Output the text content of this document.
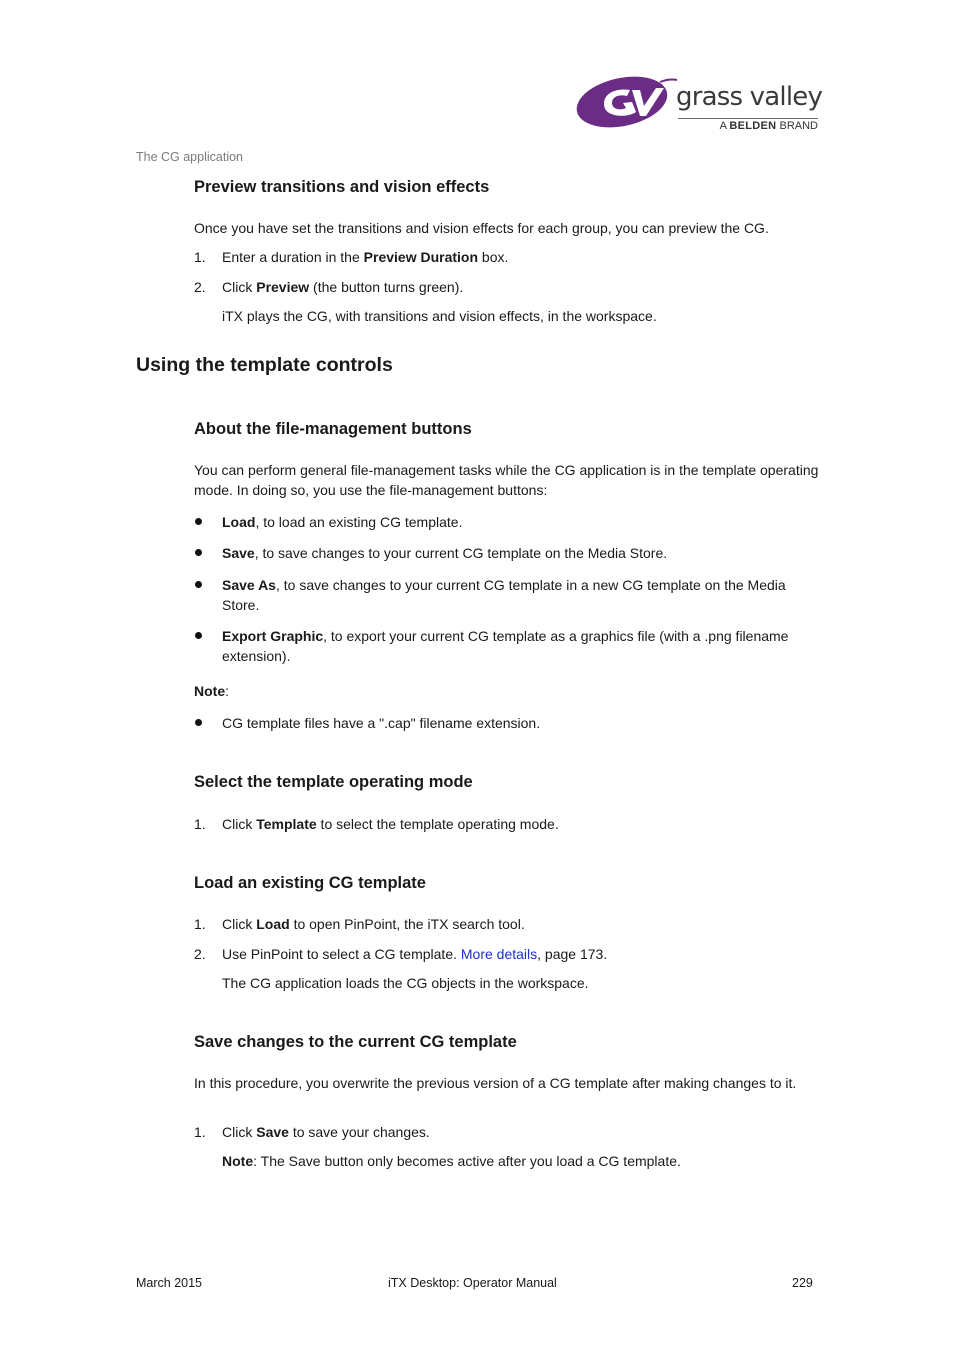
grass valley
A BELDEN BRAND
The CG application
Preview transitions and vision effects
Once you have set the transitions and vision effects for each group, you can preview the CG.
1. Enter a duration in the Preview Duration box.
2. Click Preview (the button turns green).
iTX plays the CG, with transitions and vision effects, in the workspace.
Using the template controls
About the file-management buttons
You can perform general file-management tasks while the CG application is in the template operating mode. In doing so, you use the file-management buttons:
Load, to load an existing CG template.
Save, to save changes to your current CG template on the Media Store.
Save As, to save changes to your current CG template in a new CG template on the Media Store.
Export Graphic, to export your current CG template as a graphics file (with a .png filename extension).
Note:
CG template files have a ".cap" filename extension.
Select the template operating mode
1. Click Template to select the template operating mode.
Load an existing CG template
1. Click Load to open PinPoint, the iTX search tool.
2. Use PinPoint to select a CG template. More details, page 173.
The CG application loads the CG objects in the workspace.
Save changes to the current CG template
In this procedure, you overwrite the previous version of a CG template after making changes to it.
1. Click Save to save your changes.
Note: The Save button only becomes active after you load a CG template.
March 2015	iTX Desktop: Operator Manual	229
